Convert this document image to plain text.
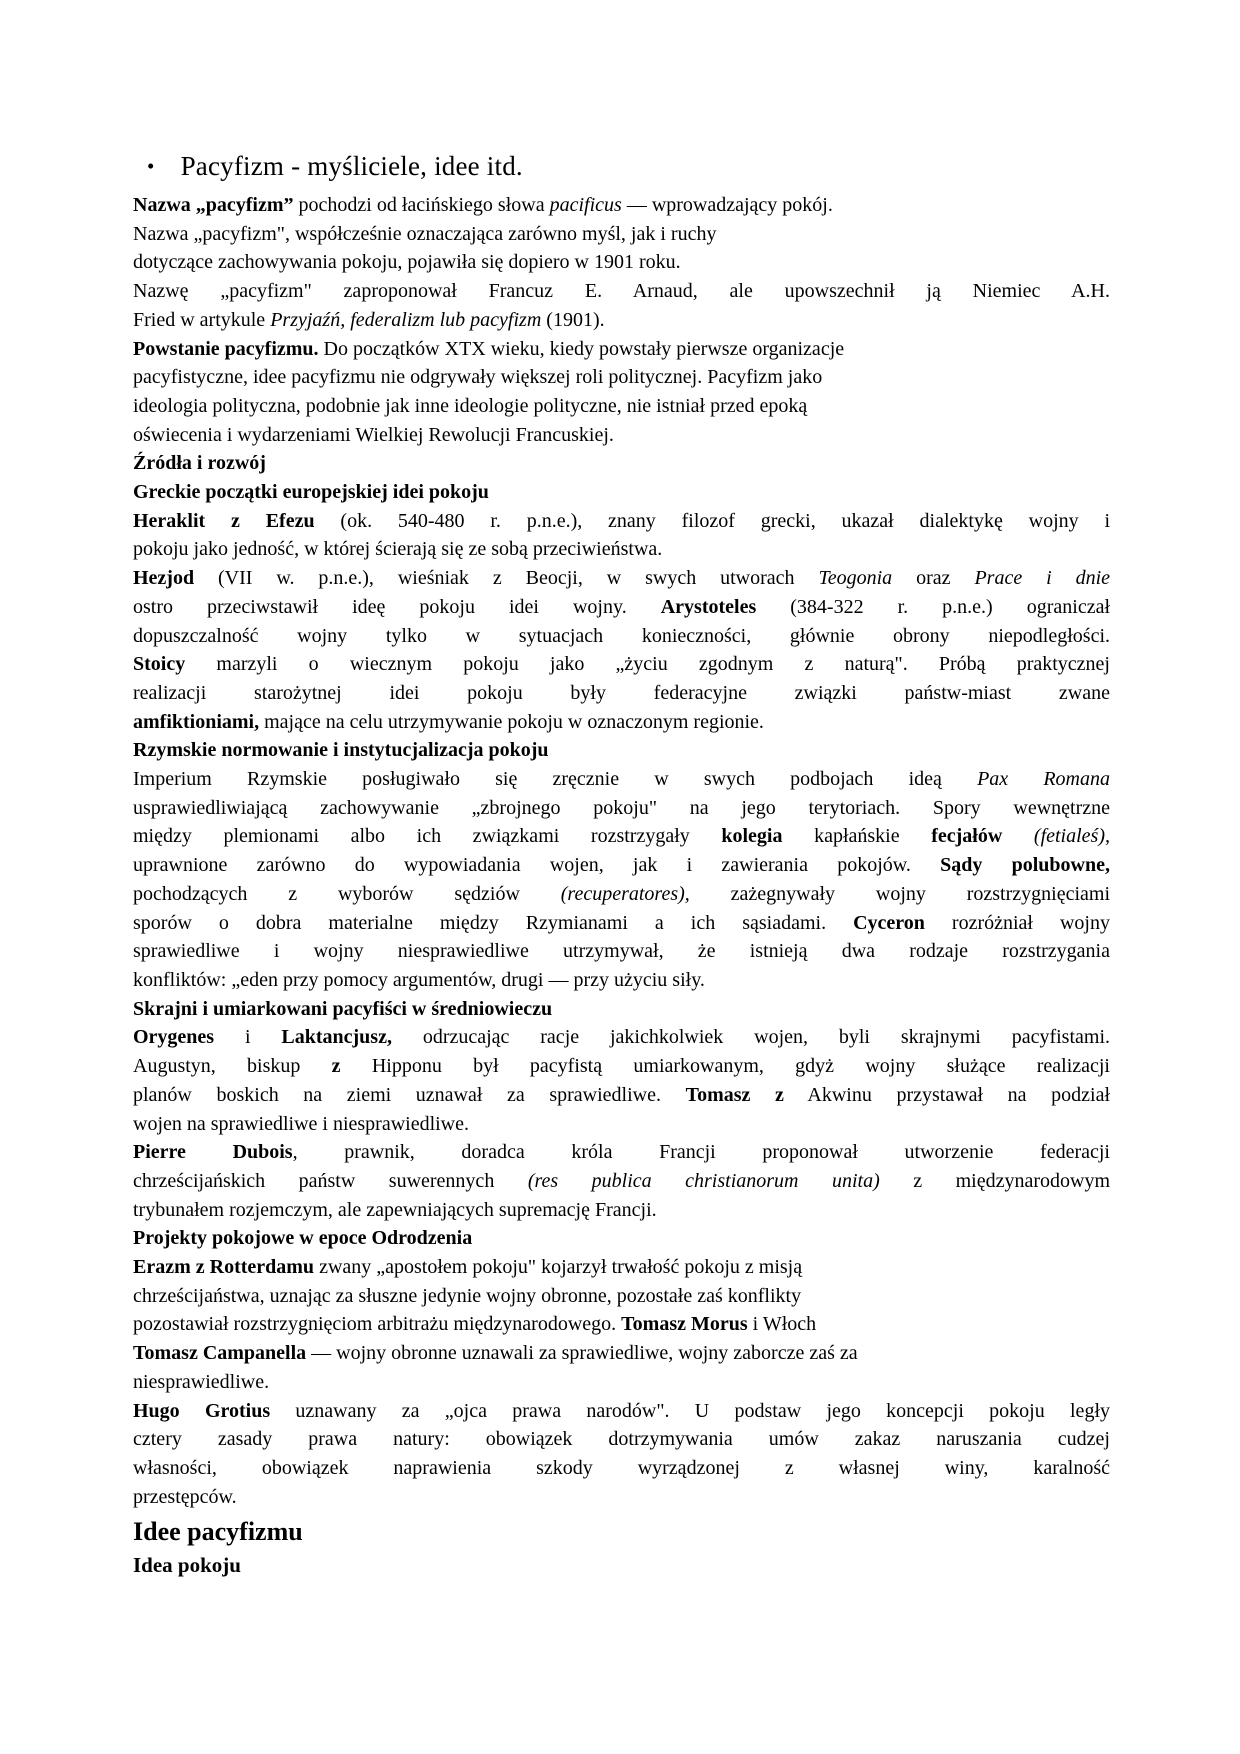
• Pacyfizm - myśliciele, idee itd.
Nazwa „pacyfizm” pochodzi od łacińskiego słowa pacificus — wprowadzający pokój.
Nazwa „pacyfizm", współcześnie oznaczająca zarówno myśl, jak i ruchy
dotyczące zachowywania pokoju, pojawiła się dopiero w 1901 roku.
Nazwę „pacyfizm" zaproponował Francuz E. Arnaud, ale upowszechnił ją Niemiec A.H.
Fried w artykule Przyjaźń, federalizm lub pacyfizm (1901).
Powstanie pacyfizmu. Do początków XTX wieku, kiedy powstały pierwsze organizacje
pacyfistyczne, idee pacyfizmu nie odgrywały większej roli politycznej. Pacyfizm jako
ideologia polityczna, podobnie jak inne ideologie polityczne, nie istniał przed epoką
oświecenia i wydarzeniami Wielkiej Rewolucji Francuskiej.
Źródła i rozwój
Greckie początki europejskiej idei pokoju
Heraklit z Efezu (ok. 540-480 r. p.n.e.), znany filozof grecki, ukazał dialektykę wojny i
pokoju jako jedność, w której ścierają się ze sobą przeciwieństwa.
Hezjod (VII w. p.n.e.), wieśniak z Beocji, w swych utworach Teogonia oraz Prace i dnie
ostro przeciwstawił ideę pokoju idei wojny. Arystoteles (384-322 r. p.n.e.) ograniczał
dopuszczalność wojny tylko w sytuacjach konieczności, głównie obrony niepodległości.
Stoicy marzyli o wiecznym pokoju jako „życiu zgodnym z naturą". Próbą praktycznej
realizacji starożytnej idei pokoju były federacyjne związki państw-miast zwane
amfiktioniami, mające na celu utrzymywanie pokoju w oznaczonym regionie.
Rzymskie normowanie i instytucjalizacja pokoju
Imperium Rzymskie posługiwało się zręcznie w swych podbojach ideą Pax Romana
usprawiedliwiającą zachowywanie „zbrojnego pokoju" na jego terytoriach. Spory wewnętrzne
między plemionami albo ich związkami rozstrzygały kolegia kapłańskie fecjałów (fetialeś),
uprawnione zarówno do wypowiadania wojen, jak i zawierania pokojów. Sądy polubowne,
pochodzących z wyborów sędziów (recuperatores), zażegnywały wojny rozstrzygnięciami
sporów o dobra materialne między Rzymianami a ich sąsiadami. Cyceron rozróżniał wojny
sprawiedliwe i wojny niesprawiedliwe utrzymywał, że istnieją dwa rodzaje rozstrzygania
konfliktów: „eden przy pomocy argumentów, drugi — przy użyciu siły.
Skrajni i umiarkowani pacyfiści w średniowieczu
Orygenes i Laktancjusz, odrzucając racje jakichkolwiek wojen, byli skrajnymi pacyfistami.
Augustyn, biskup z Hipponu był pacyfistą umiarkowanym, gdyż wojny służące realizacji
planów boskich na ziemi uznawał za sprawiedliwe. Tomasz z Akwinu przystawał na podział
wojen na sprawiedliwe i niesprawiedliwe.
Pierre Dubois, prawnik, doradca króla Francji proponował utworzenie federacji
chrześcijańskich państw suwerennych (res publica christianorum unita) z międzynarodowym
trybunałem rozjemczym, ale zapewniających supremację Francji.
Projekty pokojowe w epoce Odrodzenia
Erazm z Rotterdamu zwany „apostołem pokoju" kojarzył trwałość pokoju z misją
chrześcijaństwa, uznając za słuszne jedynie wojny obronne, pozostałe zaś konflikty
pozostawiał rozstrzygnięciom arbitrażu międzynarodowego. Tomasz Morus i Włoch
Tomasz Campanella — wojny obronne uznawali za sprawiedliwe, wojny zaborcze zaś za
niesprawiedliwe.
Hugo Grotius uznawany za „ojca prawa narodów". U podstaw jego koncepcji pokoju legły
cztery zasady prawa natury: obowiązek dotrzymywania umów zakaz naruszania cudzej
własności, obowiązek naprawienia szkody wyrządzonej z własnej winy, karalność
przestępców.
Idee pacyfizmu
Idea pokoju
